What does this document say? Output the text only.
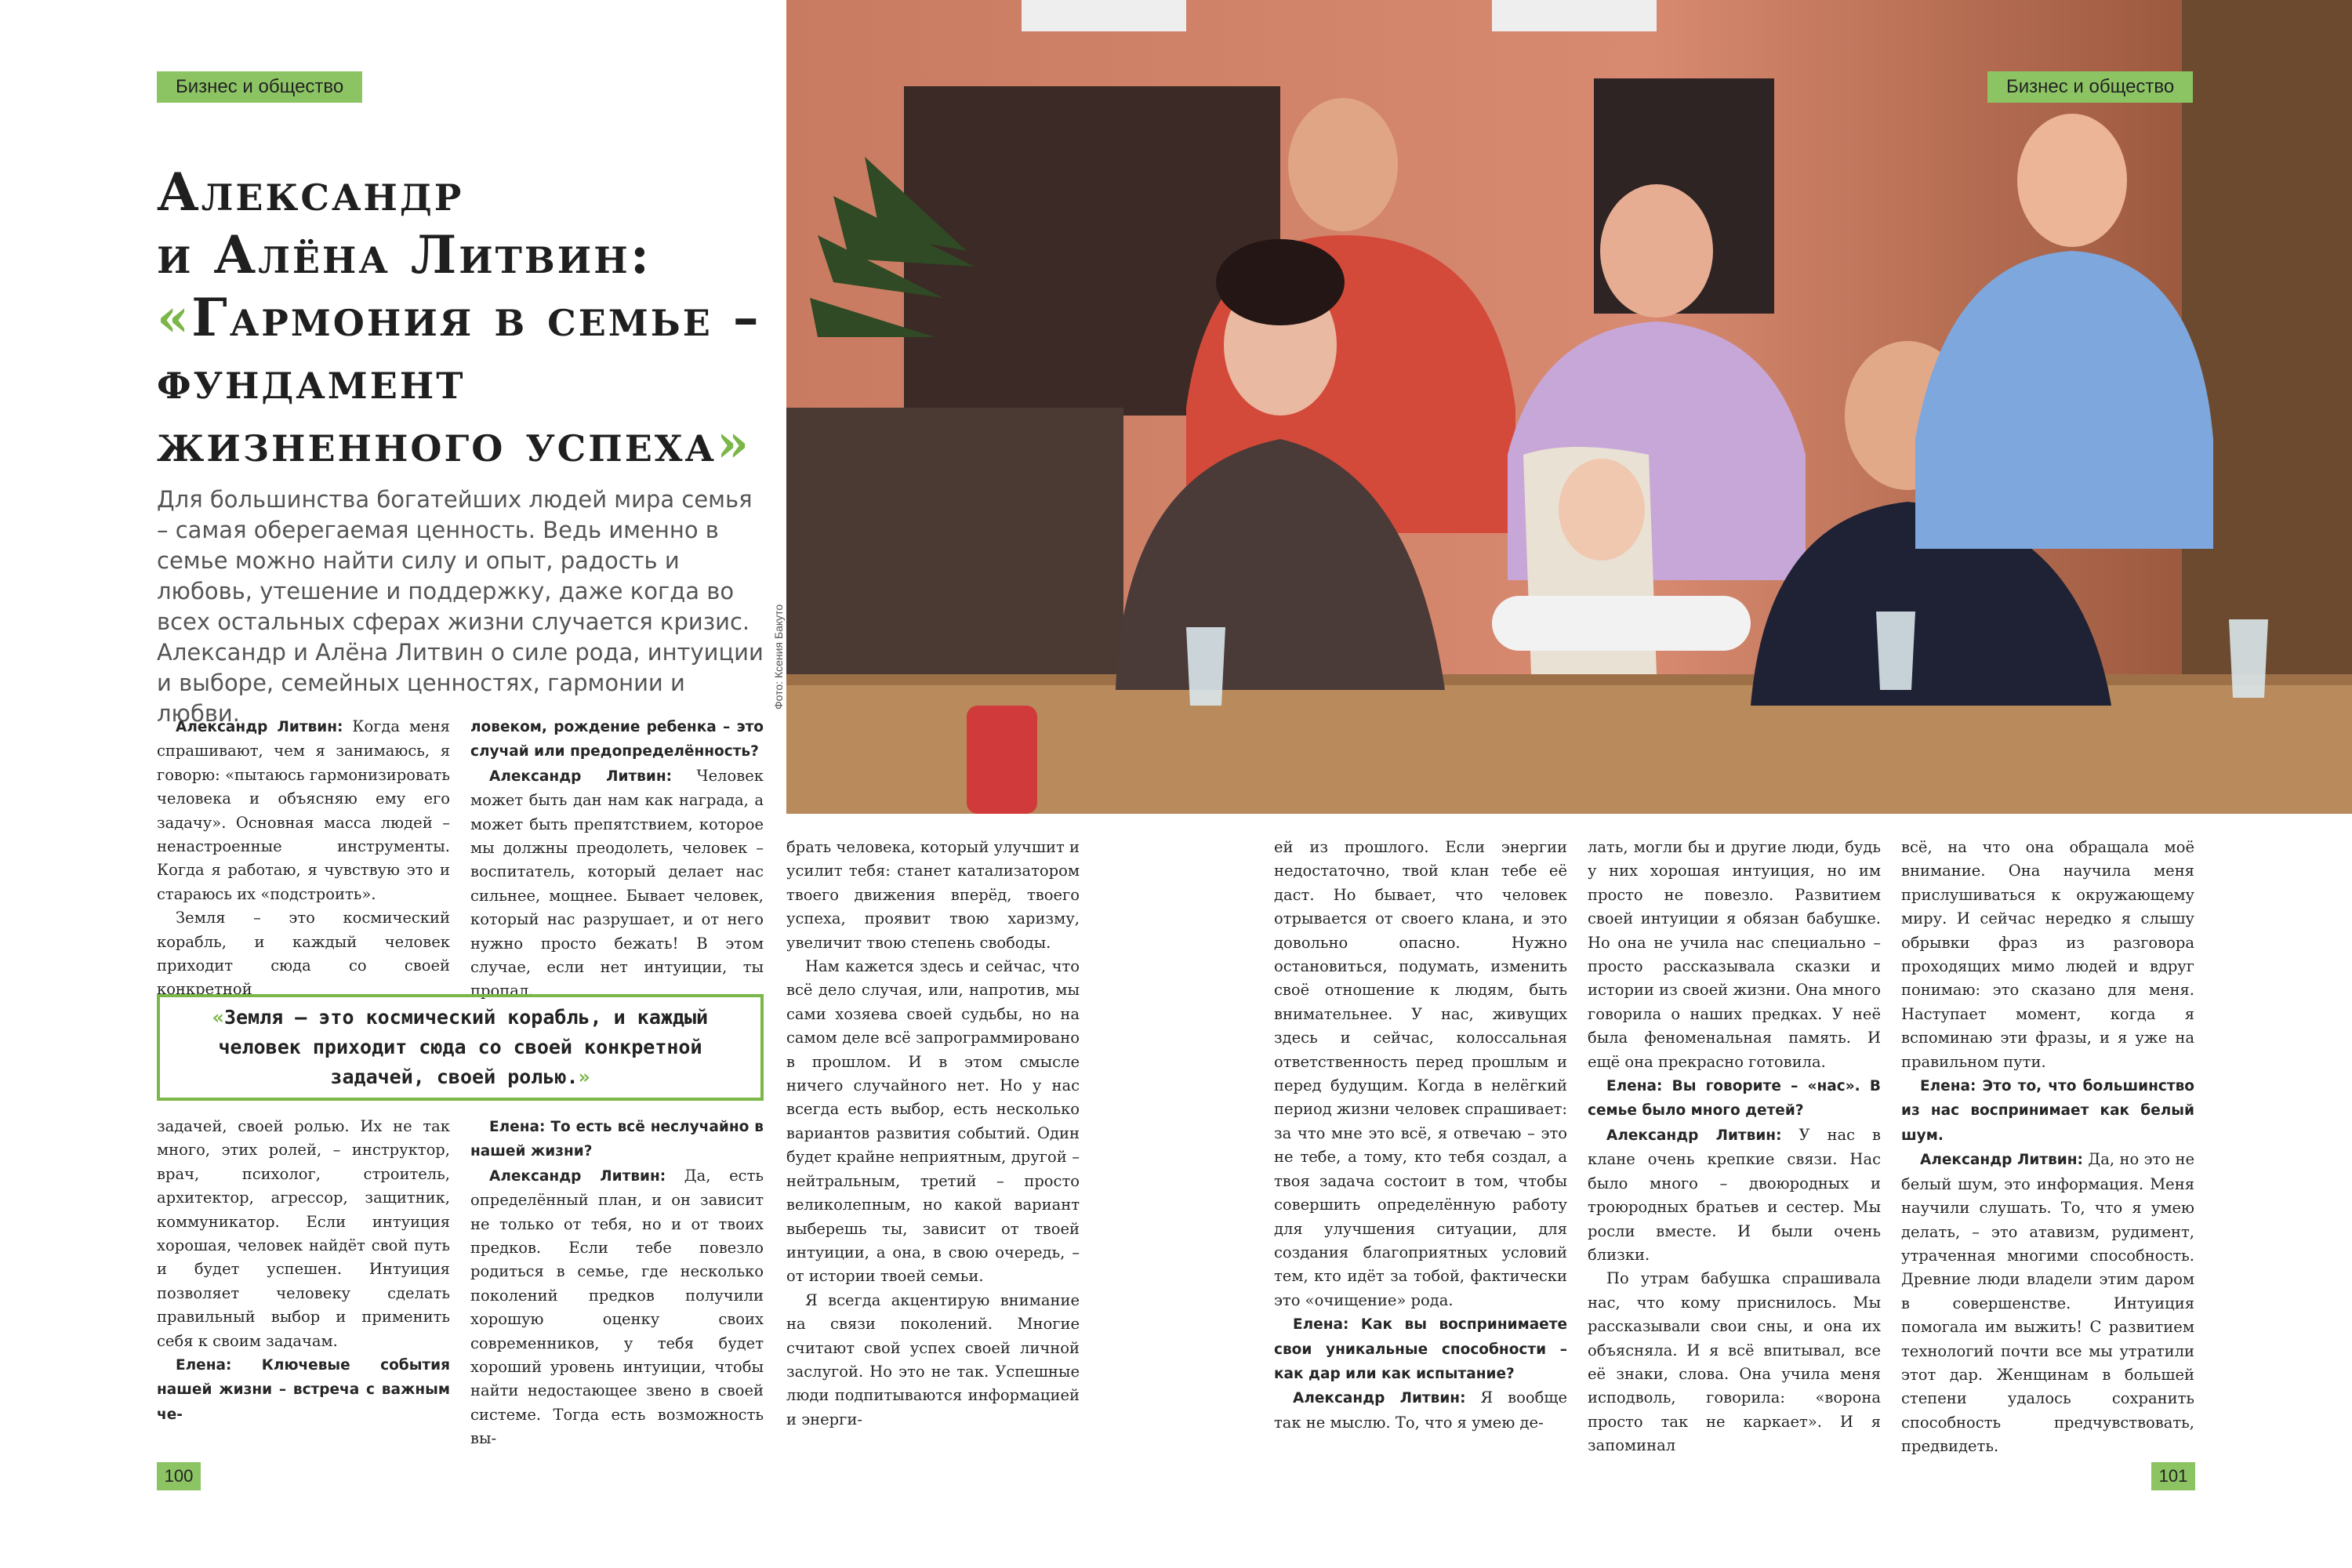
Бизнес и общество
Александр
и Алёна Литвин:
«Гармония в семье –
фундамент
жизненного успеха»

Для большинства богатейших людей мира семья – самая оберегаемая ценность. Ведь именно в семье можно найти силу и опыт, радость и любовь, утешение и поддержку, даже когда во всех остальных сферах жизни случается кризис. Александр и Алёна Литвин о силе рода, интуиции и выборе, семейных ценностях, гармонии и любви.

Александр Литвин: Когда меня спрашивают, чем я занимаюсь, я говорю: «пытаюсь гармонизировать человека и объясняю ему его задачу». Основная масса людей – ненастроенные инструменты. Когда я работаю, я чувствую это и стараюсь их «подстроить».

Земля – это космический корабль, и каждый человек приходит сюда со своей конкретной

ловеком, рождение ребенка – это случай или предопределённость?

Александр Литвин: Человек может быть дан нам как награда, а может быть препятствием, которое мы должны преодолеть, человек – воспитатель, который делает нас сильнее, мощнее. Бывает человек, который нас разрушает, и от него нужно просто бежать! В этом случае, если нет интуиции, ты пропал.

«Земля – это космический корабль, и каждый человек приходит сюда со своей конкретной задачей, своей ролью.»

задачей, своей ролью. Их не так много, этих ролей, – инструктор, врач, психолог, строитель, архитектор, агрессор, защитник, коммуникатор. Если интуиция хорошая, человек найдёт свой путь и будет успешен. Интуиция позволяет человеку сделать правильный выбор и применить себя к своим задачам.

Елена: Ключевые события нашей жизни – встреча с важным че-

Елена: То есть всё неслучайно в нашей жизни?

Александр Литвин: Да, есть определённый план, и он зависит не только от тебя, но и от твоих предков. Если тебе повезло родиться в семье, где несколько поколений предков получили хорошую оценку своих современников, у тебя будет хороший уровень интуиции, чтобы найти недостающее звено в своей системе. Тогда есть возможность вы-

100
Фото: Ксения Бакуто
Бизнес и общество

брать человека, который улучшит и усилит тебя: станет катализатором твоего движения вперёд, твоего успеха, проявит твою харизму, увеличит твою степень свободы.

Нам кажется здесь и сейчас, что всё дело случая, или, напротив, мы сами хозяева своей судьбы, но на самом деле всё запрограммировано в прошлом. И в этом смысле ничего случайного нет. Но у нас всегда есть выбор, есть несколько вариантов развития событий. Один будет крайне неприятным, другой – нейтральным, третий – просто великолепным, но какой вариант выберешь ты, зависит от твоей интуиции, а она, в свою очередь, – от истории твоей семьи.

Я всегда акцентирую внимание на связи поколений. Многие считают свой успех своей личной заслугой. Но это не так. Успешные люди подпитываются информацией и энерги-

ей из прошлого. Если энергии недостаточно, твой клан тебе её даст. Но бывает, что человек отрывается от своего клана, и это довольно опасно. Нужно остановиться, подумать, изменить своё отношение к людям, быть внимательнее. У нас, живущих здесь и сейчас, колоссальная ответственность перед прошлым и перед будущим. Когда в нелёгкий период жизни человек спрашивает: за что мне это всё, я отвечаю – это не тебе, а тому, кто тебя создал, а твоя задача состоит в том, чтобы совершить определённую работу для улучшения ситуации, для создания благоприятных условий тем, кто идёт за тобой, фактически это «очищение» рода.

Елена: Как вы воспринимаете свои уникальные способности – как дар или как испытание?

Александр Литвин: Я вообще так не мыслю. То, что я умею де-

лать, могли бы и другие люди, будь у них хорошая интуиция, но им просто не повезло. Развитием своей интуиции я обязан бабушке. Но она не учила нас специально – просто рассказывала сказки и истории из своей жизни. Она много говорила о наших предках. У неё была феноменальная память. И ещё она прекрасно готовила.

Елена: Вы говорите – «нас». В семье было много детей?

Александр Литвин: У нас в клане очень крепкие связи. Нас было много – двоюродных и троюродных братьев и сестер. Мы росли вместе. И были очень близки.

По утрам бабушка спрашивала нас, что кому приснилось. Мы рассказывали свои сны, и она их объясняла. И я всё впитывал, все её знаки, слова. Она учила меня исподволь, говорила: «ворона просто так не каркает». И я запоминал

всё, на что она обращала моё внимание. Она научила меня прислушиваться к окружающему миру. И сейчас нередко я слышу обрывки фраз из разговора проходящих мимо людей и вдруг понимаю: это сказано для меня. Наступает момент, когда я вспоминаю эти фразы, и я уже на правильном пути.

Елена: Это то, что большинство из нас воспринимает как белый шум.

Александр Литвин: Да, но это не белый шум, это информация. Меня научили слушать. То, что я умею делать, – это атавизм, рудимент, утраченная многими способность. Древние люди владели этим даром в совершенстве. Интуиция помогала им выжить! С развитием технологий почти все мы утратили этот дар. Женщинам в большей степени удалось сохранить способность предчувствовать, предвидеть.

101
